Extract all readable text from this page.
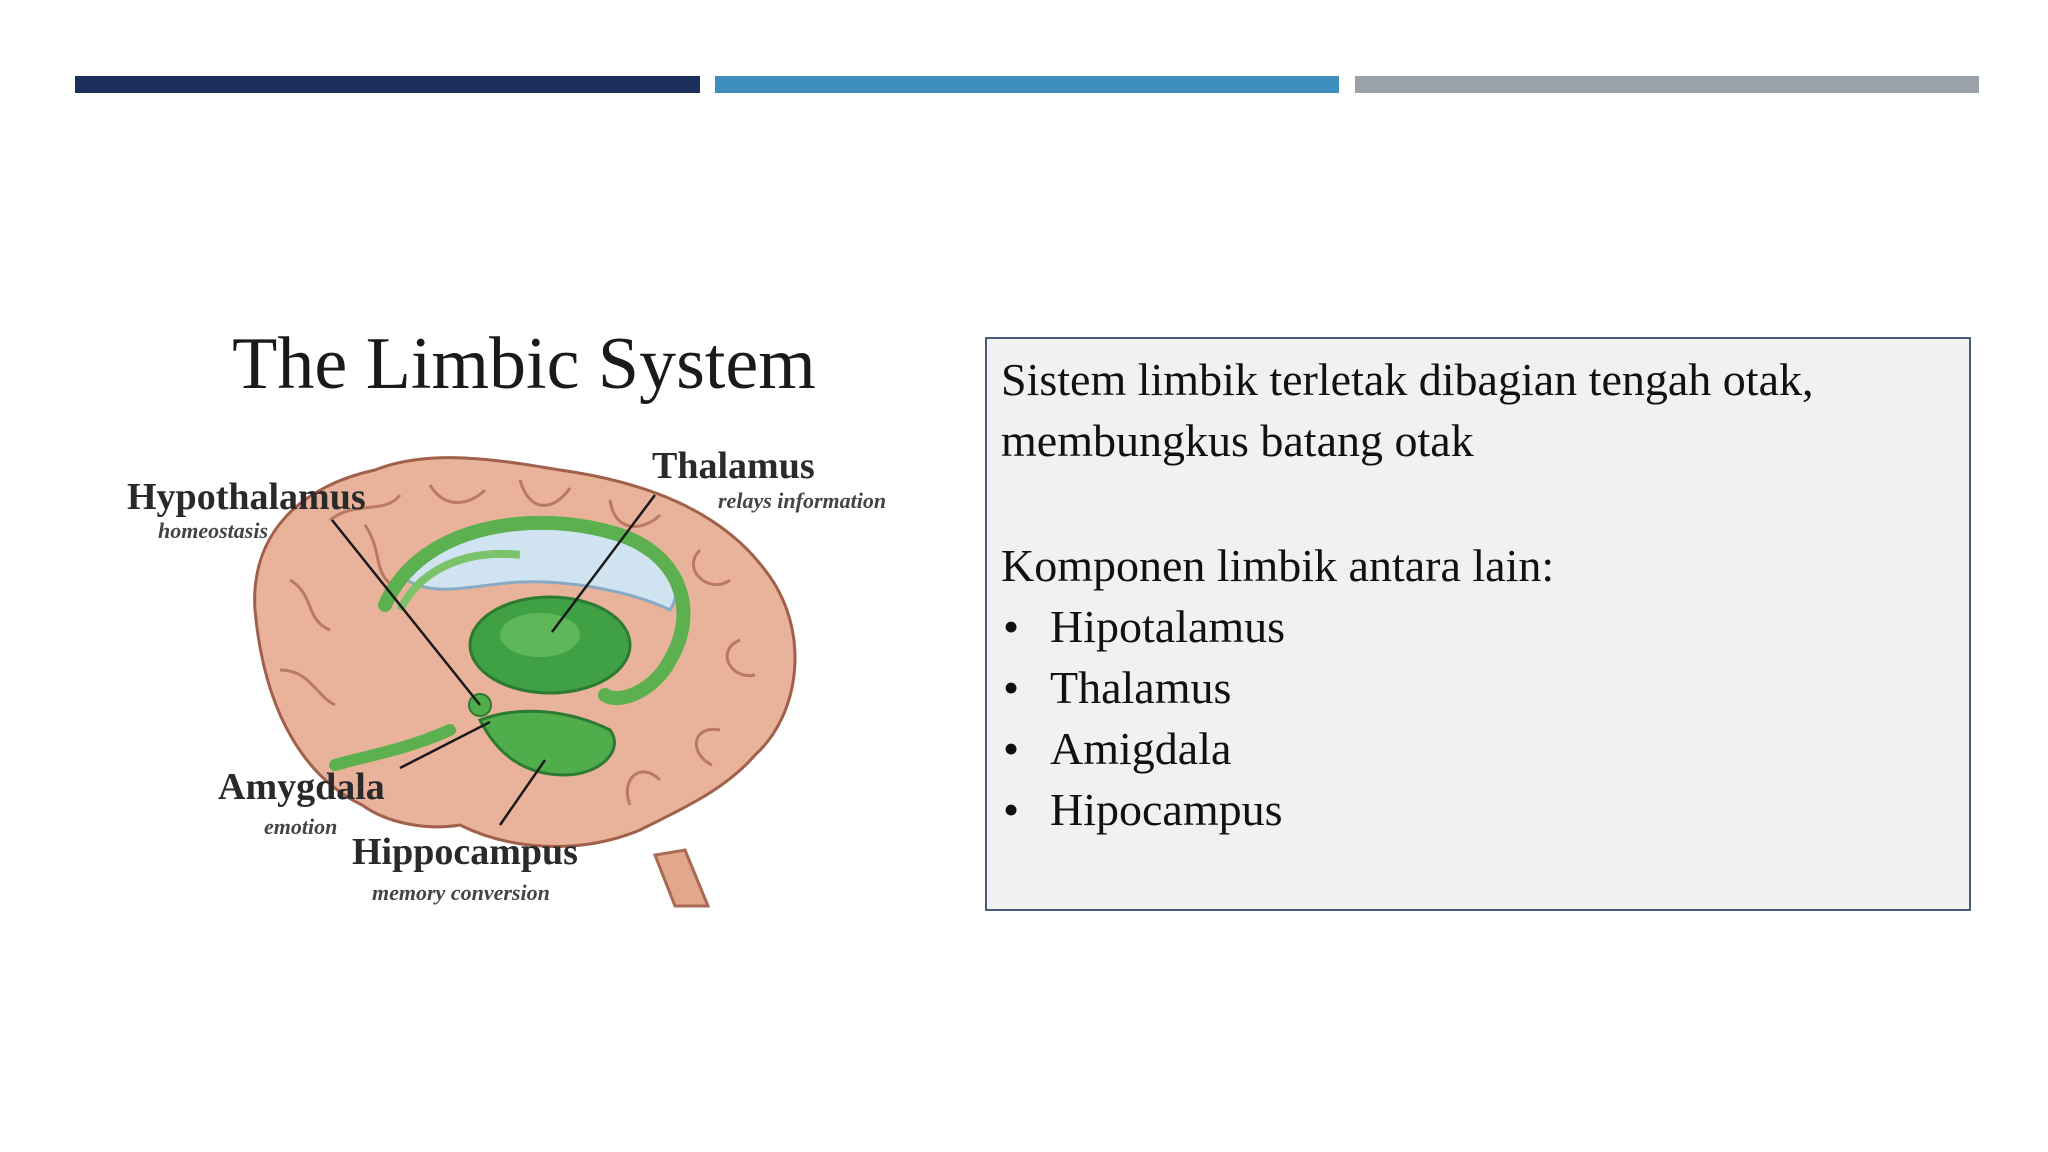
The Limbic System
Hypothalamus
homeostasis
Thalamus
relays information
Amygdala
emotion
Hippocampus
memory conversion

Sistem limbik terletak dibagian tengah otak,

membungkus batang otak

Komponen limbik antara lain:

• Hipotalamus
• Thalamus
• Amigdala
• Hipocampus
